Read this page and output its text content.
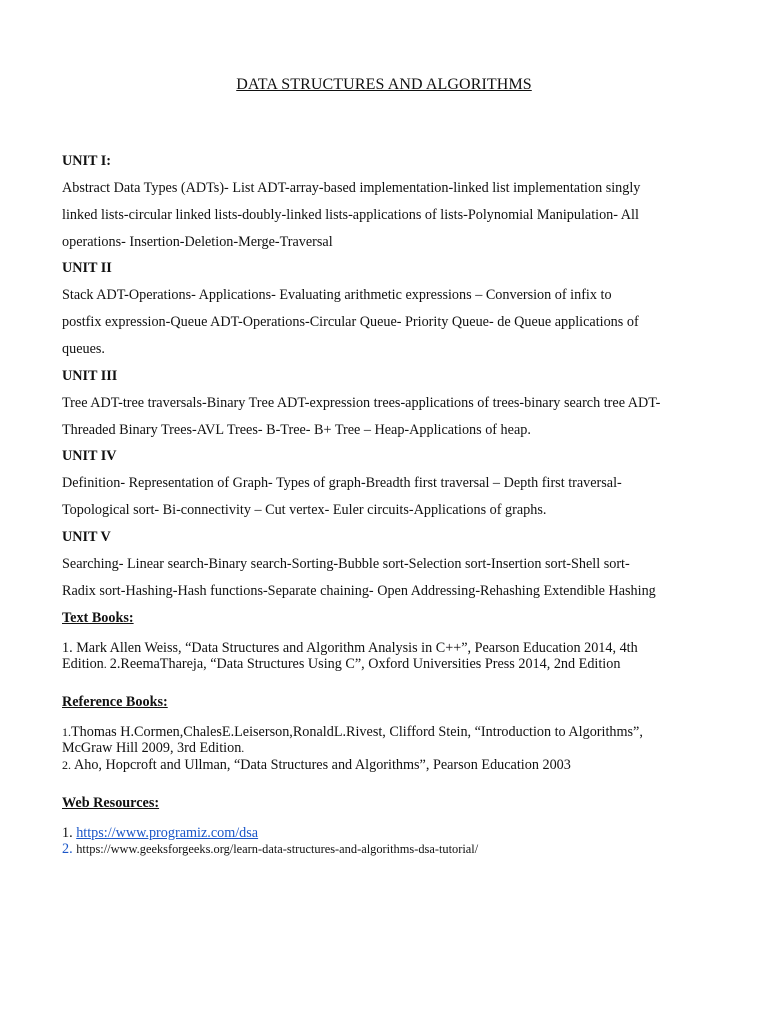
DATA STRUCTURES AND ALGORITHMS
UNIT I:
Abstract Data Types (ADTs)- List ADT-array-based implementation-linked list implementation singly
linked lists-circular linked lists-doubly-linked lists-applications of lists-Polynomial Manipulation- All
operations- Insertion-Deletion-Merge-Traversal
UNIT II
Stack ADT-Operations- Applications- Evaluating arithmetic expressions – Conversion of infix to
postfix expression-Queue ADT-Operations-Circular Queue- Priority Queue- de Queue applications of
queues.
UNIT III
Tree ADT-tree traversals-Binary Tree ADT-expression trees-applications of trees-binary search tree ADT-
Threaded Binary Trees-AVL Trees- B-Tree- B+ Tree – Heap-Applications of heap.
UNIT IV
Definition- Representation of Graph- Types of graph-Breadth first traversal – Depth first traversal-
Topological sort- Bi-connectivity – Cut vertex- Euler circuits-Applications of graphs.
UNIT V
Searching- Linear search-Binary search-Sorting-Bubble sort-Selection sort-Insertion sort-Shell sort-
Radix sort-Hashing-Hash functions-Separate chaining- Open Addressing-Rehashing Extendible Hashing
Text Books:
1. Mark Allen Weiss, “Data Structures and Algorithm Analysis in C++”, Pearson Education 2014, 4th
Edition. 2.ReemaThareja, “Data Structures Using C”, Oxford Universities Press 2014, 2nd Edition
Reference Books:
1.Thomas H.Cormen,ChalesE.Leiserson,RonaldL.Rivest, Clifford Stein, “Introduction to Algorithms”,
McGraw Hill 2009, 3rd Edition.
2. Aho, Hopcroft and Ullman, “Data Structures and Algorithms”, Pearson Education 2003
Web Resources:
1. https://www.programiz.com/dsa
2. https://www.geeksforgeeks.org/learn-data-structures-and-algorithms-dsa-tutorial/
